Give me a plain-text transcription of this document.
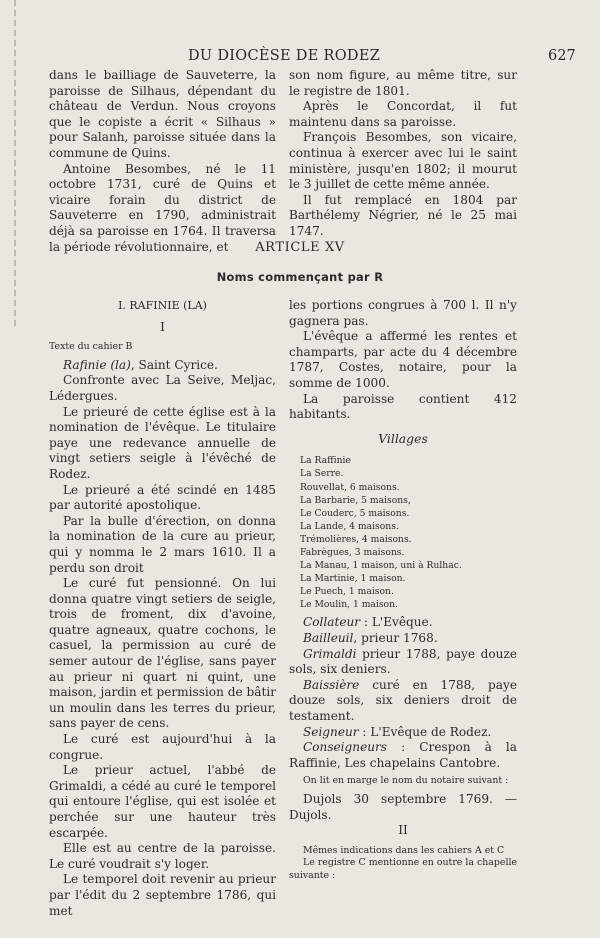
DU DIOCÈSE DE RODEZ	627

dans le bailliage de Sauveterre, la paroisse de Silhaus, dépendant du château de Verdun. Nous croyons que le copiste a écrit « Silhaus » pour Salanh, paroisse située dans la commune de Quins.

Antoine Besombes, né le 11 octobre 1731, curé de Quins et vicaire forain du district de Sauveterre en 1790, administrait déjà sa paroisse en 1764. Il traversa la période révolutionnaire, et

son nom figure, au même titre, sur le registre de 1801.

Après le Concordat, il fut maintenu dans sa paroisse.

François Besombes, son vicaire, continua à exercer avec lui le saint ministère, jusqu'en 1802; il mourut le 3 juillet de cette même année.

Il fut remplacé en 1804 par Barthélemy Négrier, né le 25 mai 1747.

ARTICLE XV
Noms commençant par R

I. RAFINIE (LA)

I

Texte du cahier B

Rafinie (la), Saint Cyrice.

Confronte avec La Seive, Meljac, Lédergues.

Le prieuré de cette église est à la nomination de l'évêque. Le titulaire paye une redevance annuelle de vingt setiers seigle à l'évêché de Rodez.

Le prieuré a été scindé en 1485 par autorité apostolique.

Par la bulle d'érection, on donna la nomination de la cure au prieur, qui y nomma le 2 mars 1610. Il a perdu son droit

Le curé fut pensionné. On lui donna quatre vingt setiers de seigle, trois de froment, dix d'avoine, quatre agneaux, quatre cochons, le casuel, la permission au curé de semer autour de l'église, sans payer au prieur ni quart ni quint, une maison, jardin et permission de bâtir un moulin dans les terres du prieur, sans payer de cens.

Le curé est aujourd'hui à la congrue.

Le prieur actuel, l'abbé de Grimaldi, a cédé au curé le temporel qui entoure l'église, qui est isolée et perchée sur une hauteur très escarpée.

Elle est au centre de la paroisse. Le curé voudrait s'y loger.

Le temporel doit revenir au prieur par l'édit du 2 septembre 1786, qui met

les portions congrues à 700 l. Il n'y gagnera pas.

L'évêque a affermé les rentes et champarts, par acte du 4 décembre 1787, Costes, notaire, pour la somme de 1000.

La paroisse contient 412 habitants.

Villages
La Raffinie
La Serre.
Rouvellat, 6 maisons.
La Barbarie, 5 maisons,
Le Couderc, 5 maisons.
La Lande, 4 maisons.
Trémolières, 4 maisons.
Fabrègues, 3 maisons.
La Manau, 1 maison, uni à Rulhac.
La Martinie, 1 maison.
Le Puech, 1 maison.
Le Moulin, 1 maison.

Collateur : L'Evêque.

Bailleuil, prieur 1768.

Grimaldi prieur 1788, paye douze sols, six deniers.

Baissière curé en 1788, paye douze sols, six deniers droit de testament.

Seigneur : L'Evêque de Rodez.

Conseigneurs : Crespon à la Raffinie, Les chapelains Cantobre.

On lit en marge le nom du notaire suivant :

Dujols 30 septembre 1769. — Dujols.

II

Mêmes indications dans les cahiers A et C

Le registre C mentionne en outre la chapelle suivante :
